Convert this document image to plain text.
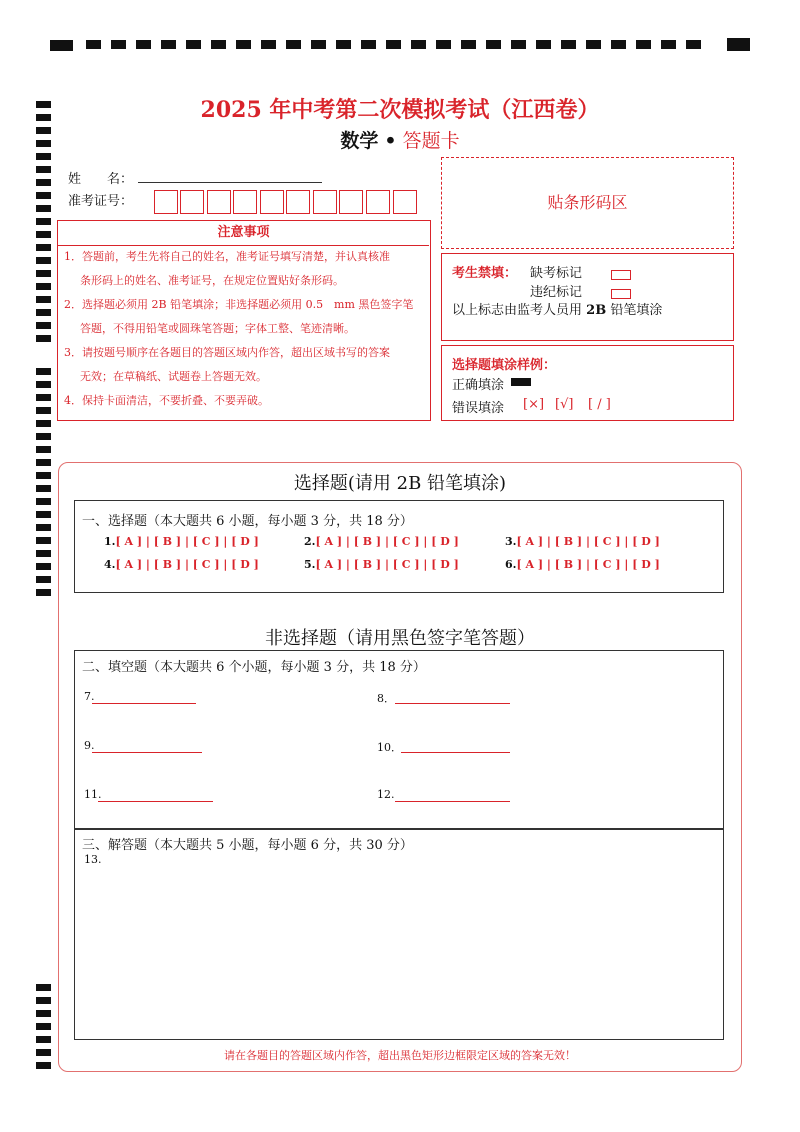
2025 年中考第二次模拟考试（江西卷）
数学 • 答题卡
姓　　名：
准考证号：	贴条形码区
注意事项
1．答题前，考生先将自己的姓名，准考证号填写清楚，并认真核准
条形码上的姓名、准考证号，在规定位置贴好条形码。
2．选择题必须用 2B 铅笔填涂；非选择题必须用 0.5　mm 黑色签字笔
答题，不得用铅笔或圆珠笔答题；字体工整、笔迹清晰。
3．请按题号顺序在各题目的答题区域内作答，超出区域书写的答案
无效；在草稿纸、试题卷上答题无效。
4．保持卡面清洁，不要折叠、不要弄破。
考生禁填： 缺考标记
违纪标记
以上标志由监考人员用 2B 铅笔填涂
选择题填涂样例：
正确填涂
错误填涂 [×] [√] [ / ]
选择题(请用 2B 铅笔填涂)
一、选择题（本大题共 6 小题，每小题 3 分，共 18 分）
1.[ A ] | [ B ] | [ C ] | [ D ]	2.[ A ] | [ B ] | [ C ] | [ D ]	3.[ A ] | [ B ] | [ C ] | [ D ]
4.[ A ] | [ B ] | [ C ] | [ D ]	5.[ A ] | [ B ] | [ C ] | [ D ]	6.[ A ] | [ B ] | [ C ] | [ D ]
非选择题（请用黑色签字笔答题）
二、填空题（本大题共 6 个小题，每小题 3 分，共 18 分）
7.	8．
9.	10．
11.	12.
三、解答题（本大题共 5 小题，每小题 6 分，共 30 分）
13.
请在各题目的答题区域内作答，超出黑色矩形边框限定区域的答案无效！
